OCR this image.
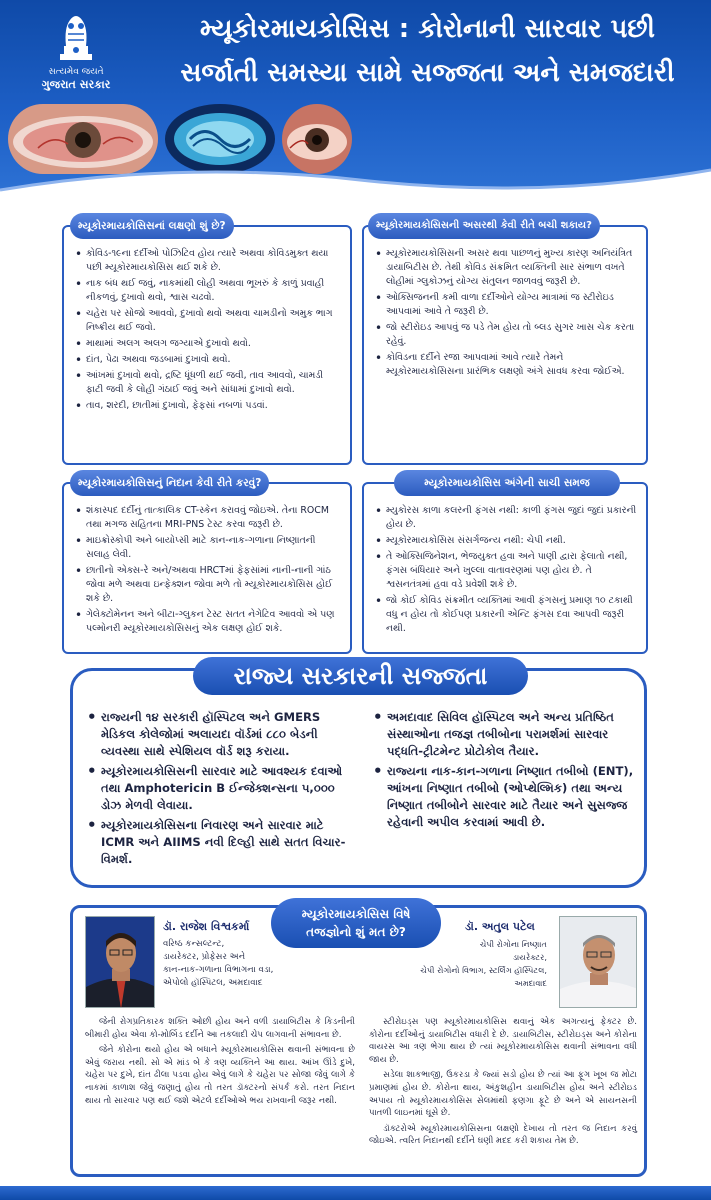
સત્યમેવ જયતે
ગુજરાત સરકાર
મ્યૂકોરમાયકોસિસ : કોરોનાની સારવાર પછી
સર્જાતી સમસ્યા સામે સજ્જતા અને સમજદારી
મ્યૂકોરમાયકોસિસનાં લક્ષણો શું છે?
• કોવિડ-૧૯ના દર્દીઓ પોઝિટિવ હોય ત્યારે અથવા કોવિડમુક્ત થયા પછી મ્યૂકોરમાયકોસિસ થઈ શકે છે.
• નાક બંધ થઈ જવું, નાકમાંથી લોહી અથવા ભૂખરું કે કાળું પ્રવાહી નીકળવું, દુખાવો થવો, શ્વાસ ચઢવો.
• ચહેરા પર સોજો આવવો, દુખાવો થવો અથવા ચામડીનો અમુક ભાગ નિષ્ક્રીય થઈ જવો.
• માથામાં અલગ અલગ જગ્યાએ દુખાવો થવો.
• દાંત, પેઢા અથવા જડબામાં દુખાવો થવો.
• આંખમાં દુખાવો થવો, દ્રષ્ટિ ધૂંધળી થઈ જવી, તાવ આવવો, ચામડી ફાટી જવી કે લોહી ગંઠાઈ જવું અને સાંધામાં દુખાવો થવો.
• તાવ, શરદી, છાતીમાં દુખાવો, ફેફસાં નબળાં પડવાં.
મ્યૂકોરમાયકોસિસની અસરથી કેવી રીતે બચી શકાય?
• મ્યૂકોરમાયકોસિસની અસર થવા પાછળનું મુખ્ય કારણ અનિયંત્રિત ડાયાબિટીસ છે. તેથી કોવિડ સંક્રમિત વ્યક્તિની સાર સંભાળ વખતે લોહીમાં ગ્લુકોઝનું યોગ્ય સંતુલન જાળવવું જરૂરી છે.
• ઓક્સિજનની કમી વાળા દર્દીઓને યોગ્ય માત્રામાં જ સ્ટીરોઇડ આપવામાં આવે તે જરૂરી છે.
• જો સ્ટીરોઇડ આપવું જ પડે તેમ હોય તો બ્લડ સુગર ખાસ ચેક કરતા રહેવું.
• કોવિડના દર્દીને રજા આપવામાં આવે ત્યારે તેમને મ્યૂકોરમાયકોસિસના પ્રારંભિક લક્ષણો અંગે સાવધ કરવા જોઈએ.
મ્યૂકોરમાયકોસિસનું નિદાન કેવી રીતે કરવું?
• શંકાસ્પદ દર્દીનું તાત્કાલિક CT-સ્કેન કરાવવું જોઇએ. તેના ROCM તથા મગજ સહિતના MRI-PNS ટેસ્ટ કરવા જરૂરી છે.
• માઇક્રોસ્કોપી અને બાયોપ્સી માટે કાન-નાક-ગળાના નિષ્ણાતની સલાહ લેવી.
• છાતીનો એક્સ-રે અને/અથવા HRCTમાં ફેફસાંમાં નાની-નાની ગાંઠ જોવા મળે અથવા ઇન્ફેક્શન જોવા મળે તો મ્યૂકોરમાયકોસિસ હોઈ શકે છે.
• ગેલેક્ટોમેનન અને બીટા-ગ્લુકન ટેસ્ટ સતત નેગેટિવ આવવો એ પણ પલ્મોનરી મ્યૂકોરમાયકોસિસનું એક લક્ષણ હોઈ શકે.
મ્યૂકોરમાયકોસિસ અંગેની સાચી સમજ
• મ્યુકોરસ કાળા કલરની ફંગસ નથી: કાળી ફંગસ જુદાં જુદાં પ્રકારની હોય છે.
• મ્યૂકોરમાયકોસિસ સંસર્ગજન્ય નથી: ચેપી નથી.
• તે ઓક્સિજિનેશન, ભેજયુક્ત હવા અને પાણી દ્વારા ફેલાતો નથી, ફંગસ બંધિયાર અને ખુલ્લા વાતાવરણમાં પણ હોય છે. તે શ્વસનતંત્રમાં હવા વડે પ્રવેશી શકે છે.
• જો કોઈ કોવિડ સંક્રમીત વ્યક્તિમાં આવી ફંગસનું પ્રમાણ ૧૦ ટકાથી વધુ ન હોય તો કોઈપણ પ્રકારની એન્ટિ ફંગસ દવા આપવી જરૂરી નથી.
રાજ્ય સરકારની સજ્જતા
• રાજ્યની ૧૪ સરકારી હૉસ્પિટલ અને GMERS મેડિકલ કોલેજોમાં અલાયદા વૉર્ડમાં ૮૮૦ બેડની વ્યવસ્થા સાથે સ્પેશિયલ વૉર્ડ શરૂ કરાયા.
• મ્યૂકોરમાયકોસિસની સારવાર માટે આવશ્યક દવાઓ તથા Amphotericin B ઈન્જેક્શન્સના ૫,૦૦૦ ડોઝ મેળવી લેવાયા.
• મ્યૂકોરમાયકોસિસના નિવારણ અને સારવાર માટે ICMR અને AIIMS નવી દિલ્હી સાથે સતત વિચાર-વિમર્શ.
• અમદાવાદ સિવિલ હૉસ્પિટલ અને અન્ય પ્રતિષ્ઠિત સંસ્થાઓના તજજ્ઞ તબીબોના પરામર્શમાં સારવાર પદ્ધતિ-ટ્રીટમેન્ટ પ્રોટોકોલ તૈયાર.
• રાજ્યના નાક-કાન-ગળાના નિષ્ણાત તબીબો (ENT), આંખના નિષ્ણાત તબીબો (ઓપ્થેલ્મિક) તથા અન્ય નિષ્ણાત તબીબોને સારવાર માટે તૈયાર અને સુસજ્જ રહેવાની અપીલ કરવામાં આવી છે.
ડૉ. રાજેશ વિશ્વકર્મા
વરિષ્ઠ કન્સલ્ટન્ટ,
ડાયરેક્ટર, પ્રોફેસર અને
કાન-નાક-ગળાના વિભાગના વડા,
એપોલો હૉસ્પિટલ, અમદાવાદ

જેની રોગપ્રતિકારક શક્તિ ઓછી હોય અને વળી ડાયાબિટીસ કે કિડનીની બીમારી હોય એવા કો-મોર્બિડ દર્દીને આ તકલાદી ચેપ લાગવાની સંભાવના છે.

જેને કોરોના થયો હોય એ બધાને મ્યૂકોરમાયકોસિસ થવાની સંભાવના છે એવું જરાય નથી. સો એ માંડ બે કે ત્રણ વ્યક્તિને આ થાય. આંખ ઊંડે દુખે, ચહેરા પર દુખે, દાંત ઢીલા પડવા હોય એવું લાગે કે ચહેરા પર સોજા જેવું લાગે કે નાકમાં કાળાશ જેવું જણાતું હોય તો તરત ડૉક્ટરનો સંપર્ક કરો. તરત નિદાન થાય તો સારવાર પણ થઈ જશે એટલે દર્દીઓએ ભય રાખવાની જરૂર નથી.

ડૉ. અતુલ પટેલ
ચેપી રોગોના નિષ્ણાત
ડાયરેક્ટર,
ચેપી રોગોનો વિભાગ, સ્ટર્લિંગ હૉસ્પિટલ,
અમદાવાદ

સ્ટીરોઇડ્સ પણ મ્યૂકોરમાયકોસિસ થવાનું એક અગત્યનું ફેક્ટર છે. કોરોના દર્દીઓનું ડાયાબિટીસ વધારી દે છે. ડાયાબિટીસ, સ્ટીરોઇડ્સ અને કોરોના વાયરસ આ ત્રણ ભેગા થાય છે ત્યાં મ્યૂકોરમાયકોસિસ થવાની સંભાવના વધી જાય છે.

સડેલા શાકભાજી, ઉકરડા કે જ્યાં સડો હોય છે ત્યાં આ ફૂગ ખૂબ જ મોટા પ્રમાણમાં હોય છે. કોરોના થાય, અંકુશહીન ડાયાબિટીસ હોય અને સ્ટીરોઇડ અપાય તો મ્યૂકોરમાયકોસિસ સેલમાંથી ફણગા ફૂટે છે અને એ સાયનસની પાતળી લાઇનમાં ઘૂસે છે.

ડૉક્ટરોએ મ્યૂકોરમાયકોસિસના લક્ષણો દેખાય તો તરત જ નિદાન કરવું જોઇએ. ત્વરિત નિદાનથી દર્દીને ઘણી મદદ કરી શકાય તેમ છે.

મ્યૂકોરમાયકોસિસ વિષે
તજજ્ઞોનો શું મત છે?
